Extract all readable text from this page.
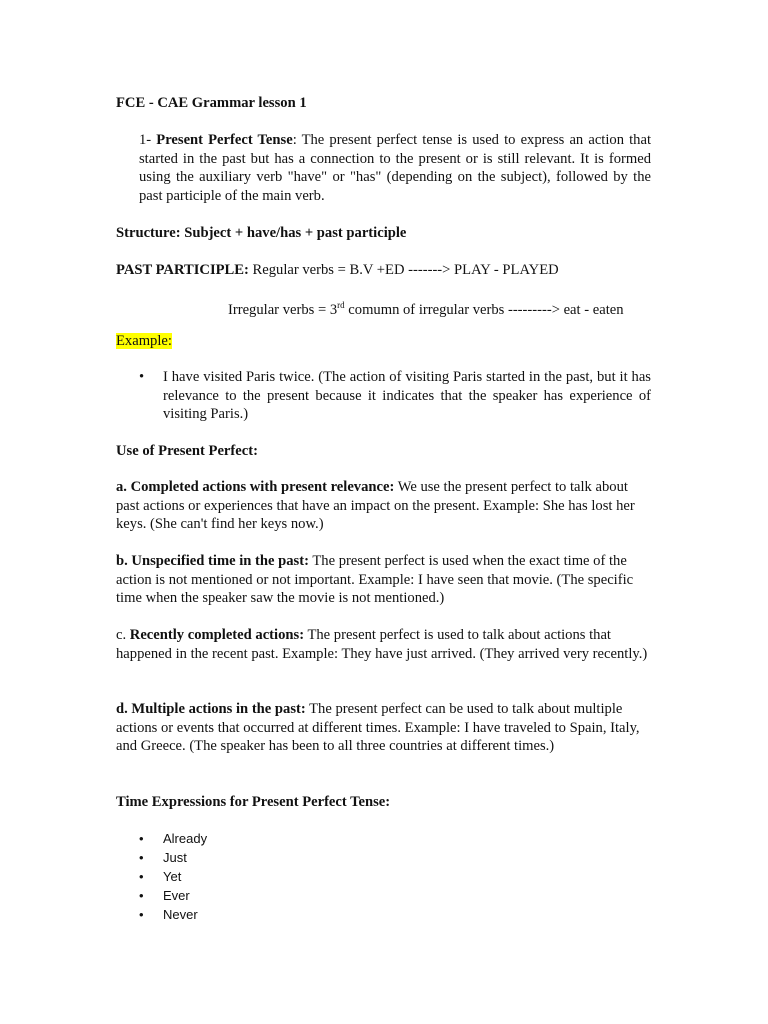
FCE - CAE Grammar lesson 1

1- Present Perfect Tense: The present perfect tense is used to express an action that started in the past but has a connection to the present or is still relevant. It is formed using the auxiliary verb "have" or "has" (depending on the subject), followed by the past participle of the main verb.

Structure: Subject + have/has + past participle

PAST PARTICIPLE: Regular verbs = B.V +ED -------> PLAY - PLAYED

Irregular verbs = 3rd comumn of irregular verbs ---------> eat - eaten

Example:

• I have visited Paris twice. (The action of visiting Paris started in the past, but it has relevance to the present because it indicates that the speaker has experience of visiting Paris.)

Use of Present Perfect:

a. Completed actions with present relevance: We use the present perfect to talk about past actions or experiences that have an impact on the present. Example: She has lost her keys. (She can't find her keys now.)

b. Unspecified time in the past: The present perfect is used when the exact time of the action is not mentioned or not important. Example: I have seen that movie. (The specific time when the speaker saw the movie is not mentioned.)

c. Recently completed actions: The present perfect is used to talk about actions that happened in the recent past. Example: They have just arrived. (They arrived very recently.)

d. Multiple actions in the past: The present perfect can be used to talk about multiple actions or events that occurred at different times. Example: I have traveled to Spain, Italy, and Greece. (The speaker has been to all three countries at different times.)

Time Expressions for Present Perfect Tense:

• Already
• Just
• Yet
• Ever
• Never
